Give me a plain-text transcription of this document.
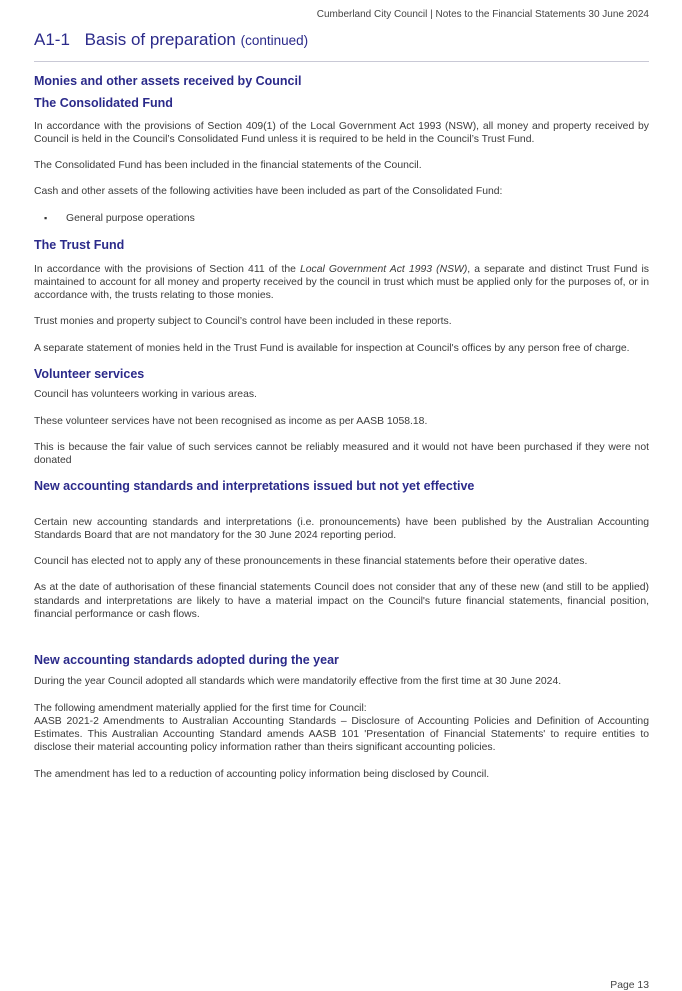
Cumberland City Council | Notes to the Financial Statements 30 June 2024
A1-1 Basis of preparation (continued)
Monies and other assets received by Council
The Consolidated Fund

In accordance with the provisions of Section 409(1) of the Local Government Act 1993 (NSW), all money and property received by Council is held in the Council’s Consolidated Fund unless it is required to be held in the Council’s Trust Fund.

The Consolidated Fund has been included in the financial statements of the Council.

Cash and other assets of the following activities have been included as part of the Consolidated Fund:

▪ General purpose operations
The Trust Fund

In accordance with the provisions of Section 411 of the Local Government Act 1993 (NSW), a separate and distinct Trust Fund is maintained to account for all money and property received by the council in trust which must be applied only for the purposes of, or in accordance with, the trusts relating to those monies.

Trust monies and property subject to Council’s control have been included in these reports.

A separate statement of monies held in the Trust Fund is available for inspection at Council's offices by any person free of charge.

Volunteer services

Council has volunteers working in various areas.

These volunteer services have not been recognised as income as per AASB 1058.18.

This is because the fair value of such services cannot be reliably measured and it would not have been purchased if they were not donated

New accounting standards and interpretations issued but not yet effective

Certain new accounting standards and interpretations (i.e. pronouncements) have been published by the Australian Accounting Standards Board that are not mandatory for the 30 June 2024 reporting period.

Council has elected not to apply any of these pronouncements in these financial statements before their operative dates.

As at the date of authorisation of these financial statements Council does not consider that any of these new (and still to be applied) standards and interpretations are likely to have a material impact on the Council's future financial statements, financial position, financial performance or cash flows.

New accounting standards adopted during the year

During the year Council adopted all standards which were mandatorily effective from the first time at 30 June 2024.

The following amendment materially applied for the first time for Council:
AASB 2021-2 Amendments to Australian Accounting Standards – Disclosure of Accounting Policies and Definition of Accounting Estimates. This Australian Accounting Standard amends AASB 101 'Presentation of Financial Statements' to require entities to disclose their material accounting policy information rather than theirs significant accounting policies.

The amendment has led to a reduction of accounting policy information being disclosed by Council.

Page 13
